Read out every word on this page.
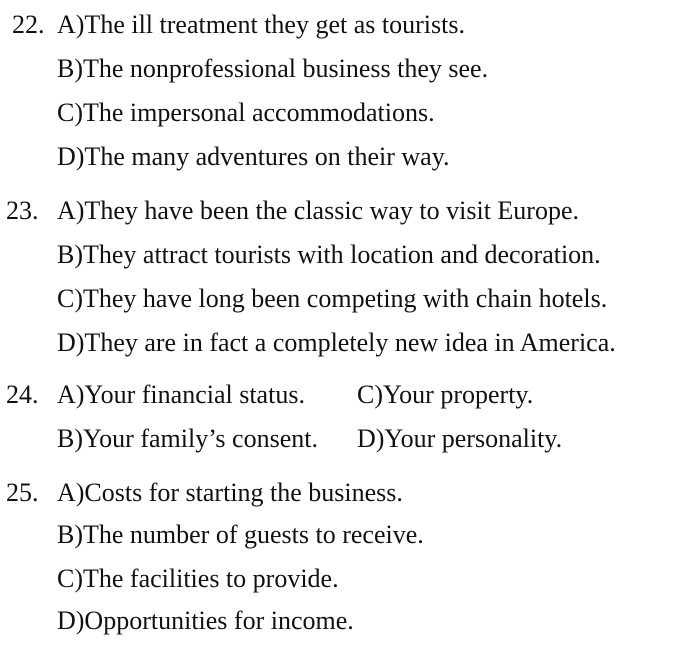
22. A)The ill treatment they get as tourists.
B)The nonprofessional business they see.
C)The impersonal accommodations.
D)The many adventures on their way.
23. A)They have been the classic way to visit Europe.
B)They attract tourists with location and decoration.
C)They have long been competing with chain hotels.
D)They are in fact a completely new idea in America.
24. A)Your financial status. C)Your property.
B)Your family’s consent. D)Your personality.
25. A)Costs for starting the business.
B)The number of guests to receive.
C)The facilities to provide.
D)Opportunities for income.
